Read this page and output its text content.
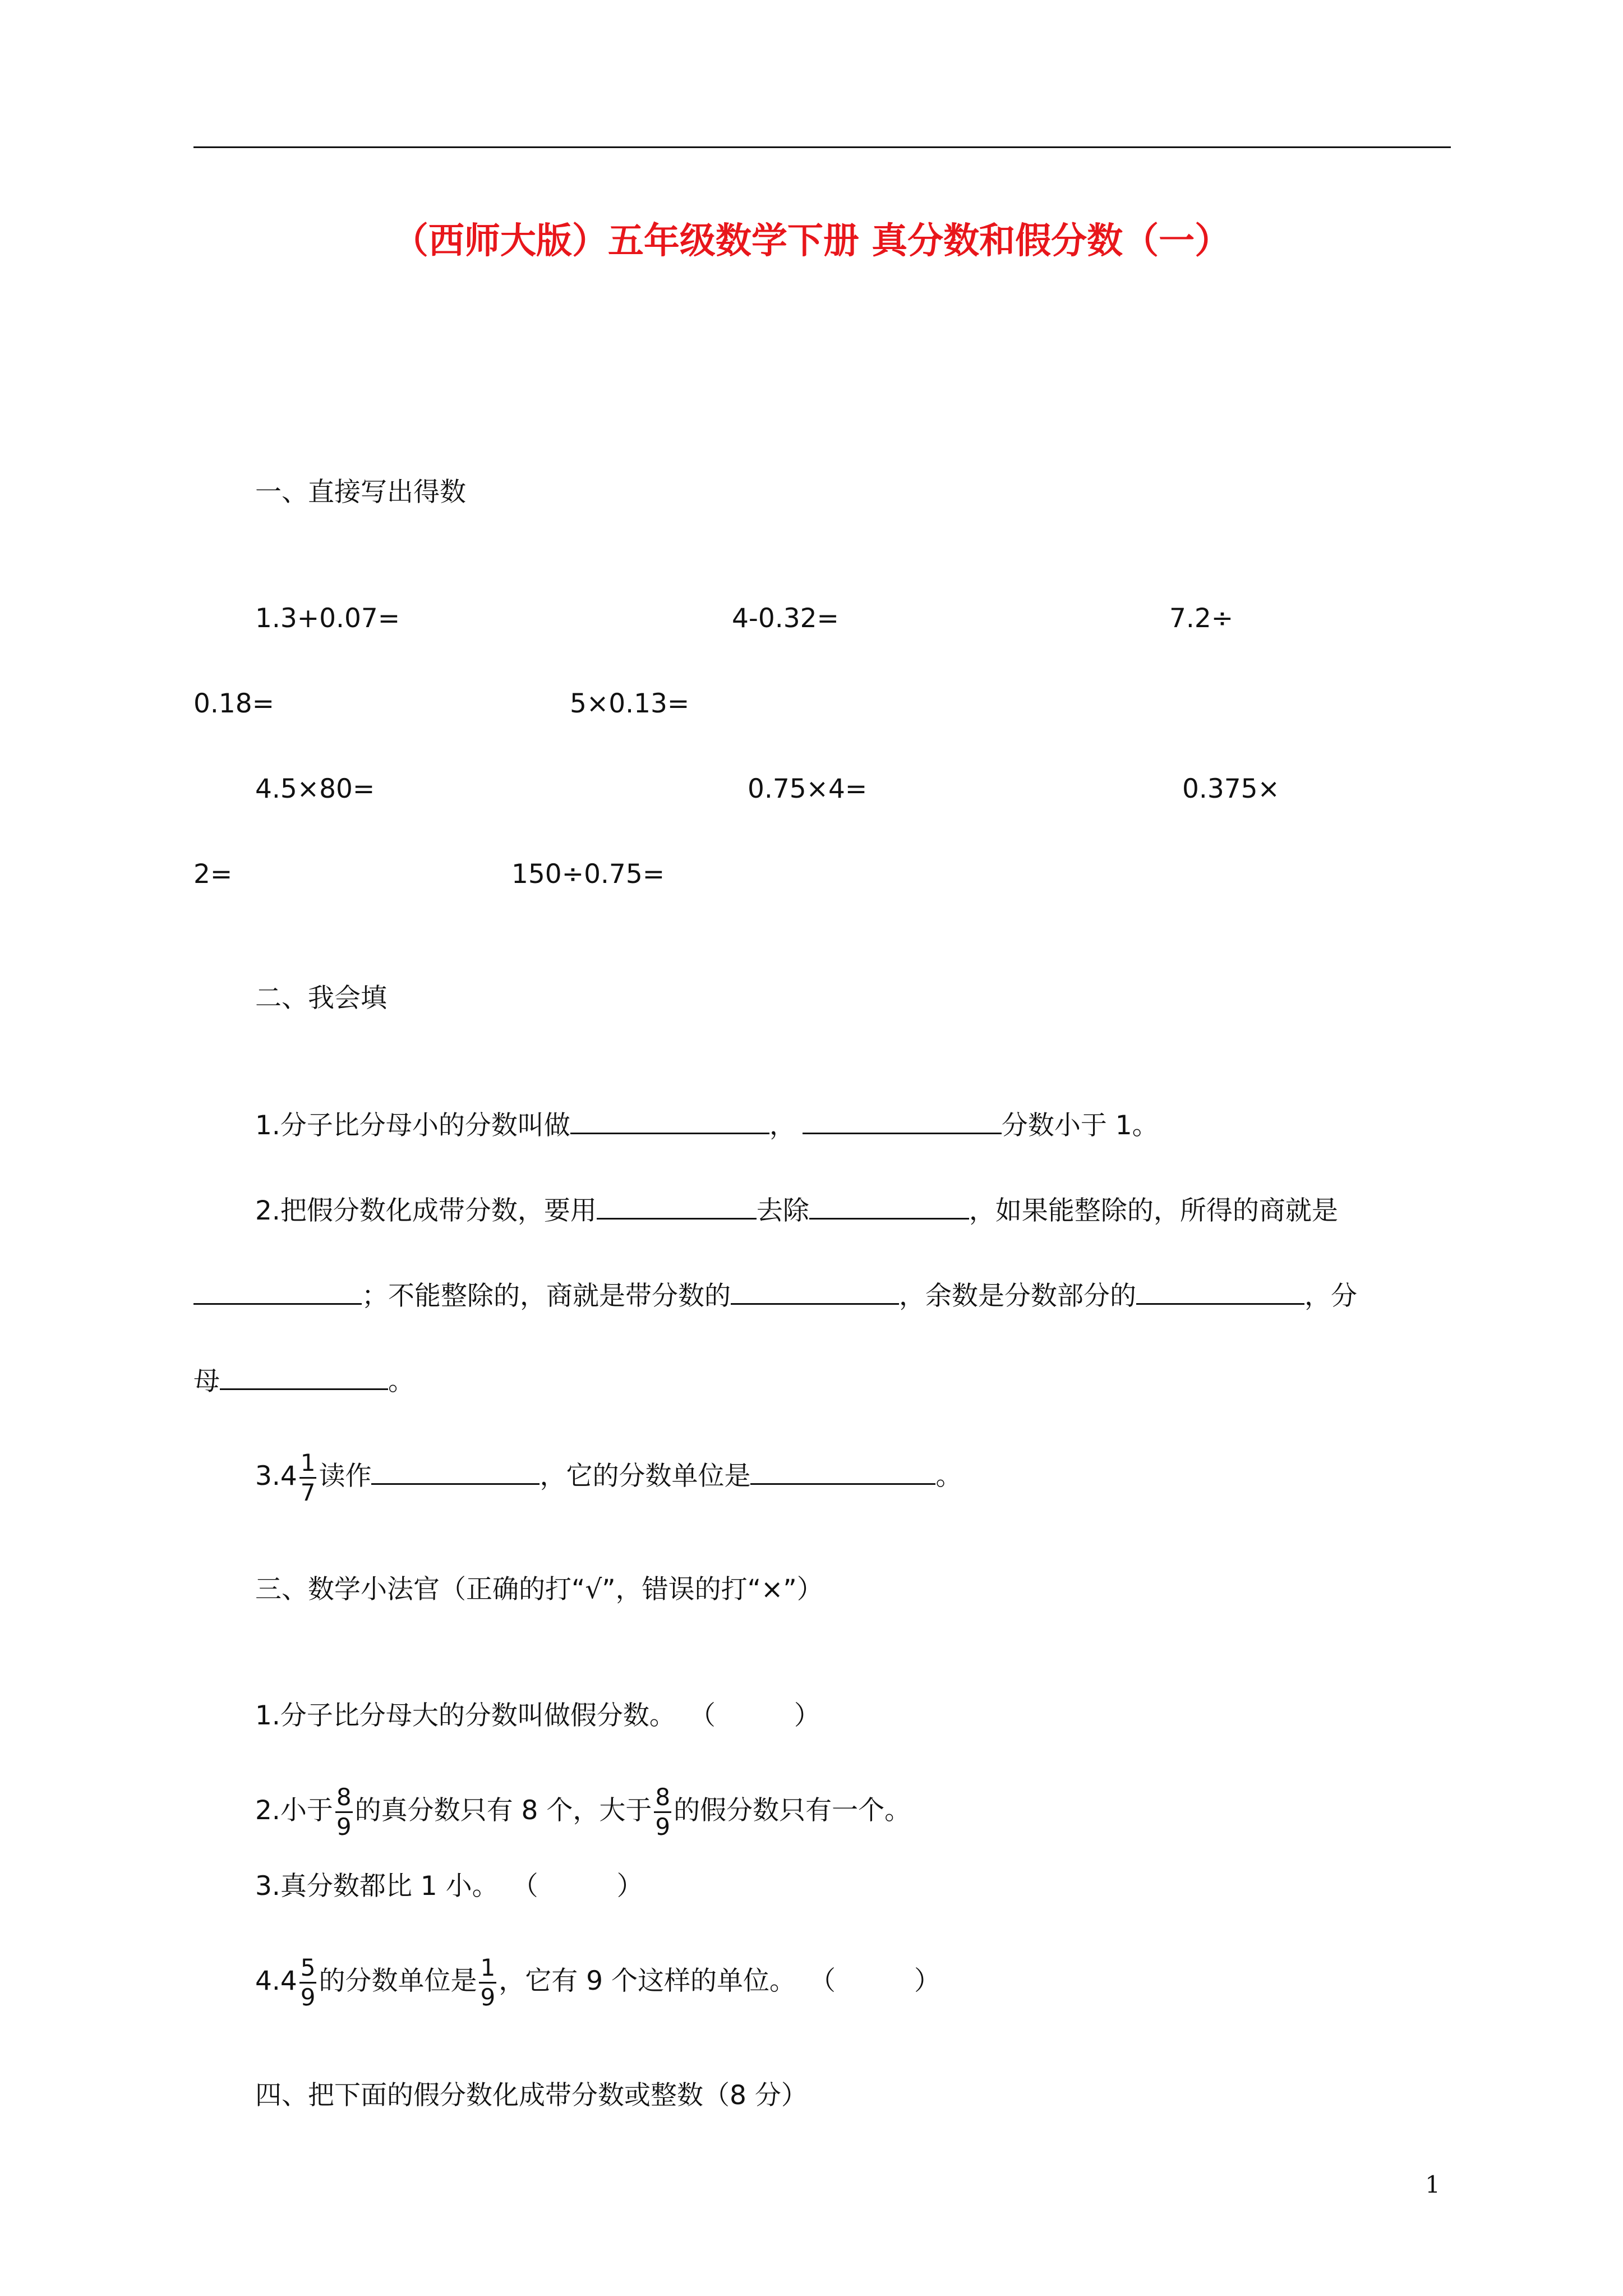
（西师大版）五年级数学下册 真分数和假分数（一）
一、直接写出得数
1.3+0.07=	4-0.32=	7.2÷
0.18=	5×0.13=
4.5×80=	0.75×4=	0.375×
2=	150÷0.75=
二、我会填
1.分子比分母小的分数叫做	，	分数小于 1。
2.把假分数化成带分数，要用	去除	，如果能整除的，所得的商就是
；不能整除的，商就是带分数的	，余数是分数部分的	，分
母	。
$3.4 \frac{1}{7}$ 读作	，它的分数单位是	。
三、数学小法官（正确的打“√”，错误的打“×”）
1.分子比分母大的分数叫做假分数。 （	）
2.小于 $\frac{8}{9}$ 的真分数只有 8 个，大于 $\frac{8}{9}$ 的假分数只有一个。
3.真分数都比 1 小。 （	）
$4.4 \frac{5}{9}$ 的分数单位是 $\frac{1}{9}$ ，它有 9 个这样的单位。 （	）
四、把下面的假分数化成带分数或整数（8 分）
1
